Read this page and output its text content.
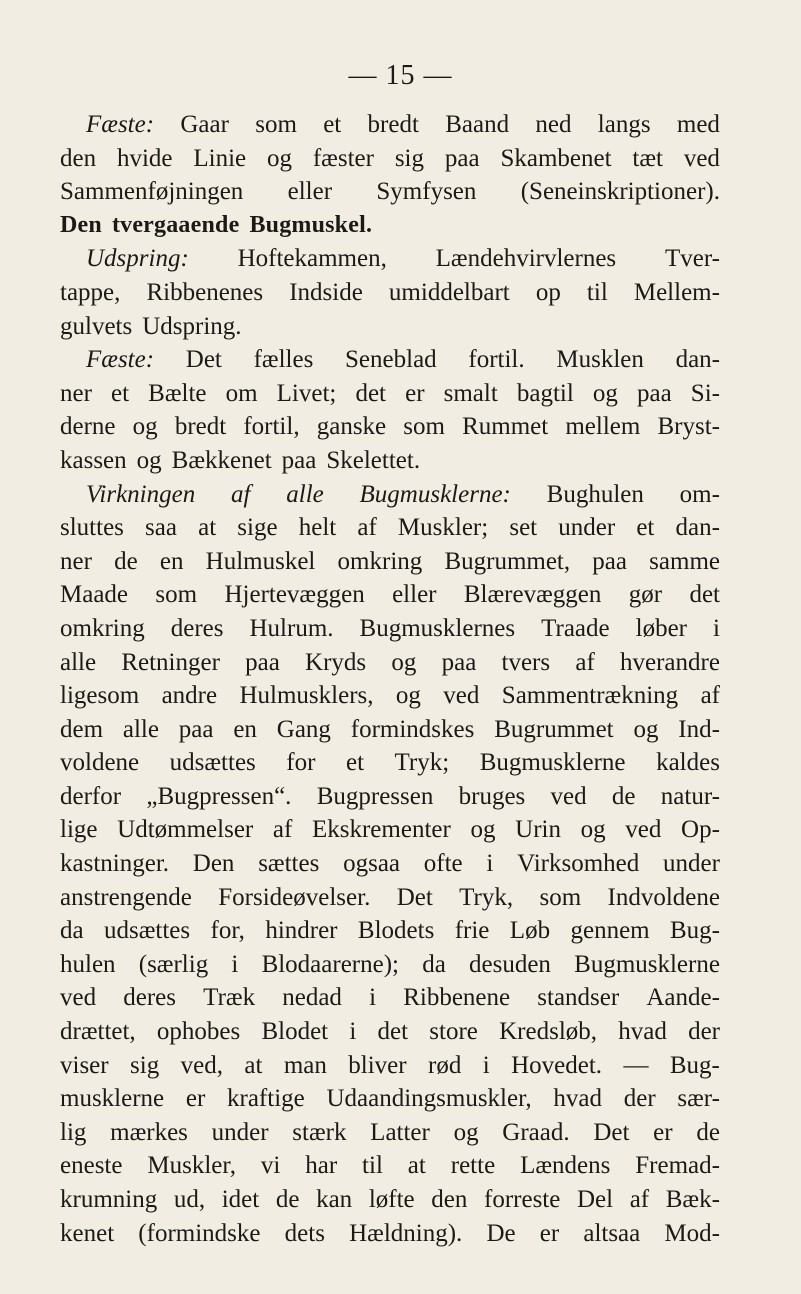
— 15 —
Fæste: Gaar som et bredt Baand ned langs med
den hvide Linie og fæster sig paa Skambenet tæt ved
Sammenføjningen eller Symfysen (Seneinskriptioner).
Den tvergaaende Bugmuskel.
Udspring: Hoftekammen, Lændehvirvlernes Tver-
tappe, Ribbenenes Indside umiddelbart op til Mellem-
gulvets Udspring.
Fæste: Det fælles Seneblad fortil. Musklen dan-
ner et Bælte om Livet; det er smalt bagtil og paa Si-
derne og bredt fortil, ganske som Rummet mellem Bryst-
kassen og Bækkenet paa Skelettet.
Virkningen af alle Bugmusklerne: Bughulen om-
sluttes saa at sige helt af Muskler; set under et dan-
ner de en Hulmuskel omkring Bugrummet, paa samme
Maade som Hjertevæggen eller Blærevæggen gør det
omkring deres Hulrum. Bugmusklernes Traade løber i
alle Retninger paa Kryds og paa tvers af hverandre
ligesom andre Hulmusklers, og ved Sammentrækning af
dem alle paa en Gang formindskes Bugrummet og Ind-
voldene udsættes for et Tryk; Bugmusklerne kaldes
derfor „Bugpressen“. Bugpressen bruges ved de natur-
lige Udtømmelser af Ekskrementer og Urin og ved Op-
kastninger. Den sættes ogsaa ofte i Virksomhed under
anstrengende Forsideøvelser. Det Tryk, som Indvoldene
da udsættes for, hindrer Blodets frie Løb gennem Bug-
hulen (særlig i Blodaarerne); da desuden Bugmusklerne
ved deres Træk nedad i Ribbenene standser Aande-
drættet, ophobes Blodet i det store Kredsløb, hvad der
viser sig ved, at man bliver rød i Hovedet. — Bug-
musklerne er kraftige Udaandingsmuskler, hvad der sær-
lig mærkes under stærk Latter og Graad. Det er de
eneste Muskler, vi har til at rette Lændens Fremad-
krumning ud, idet de kan løfte den forreste Del af Bæk-
kenet (formindske dets Hældning). De er altsaa Mod-
